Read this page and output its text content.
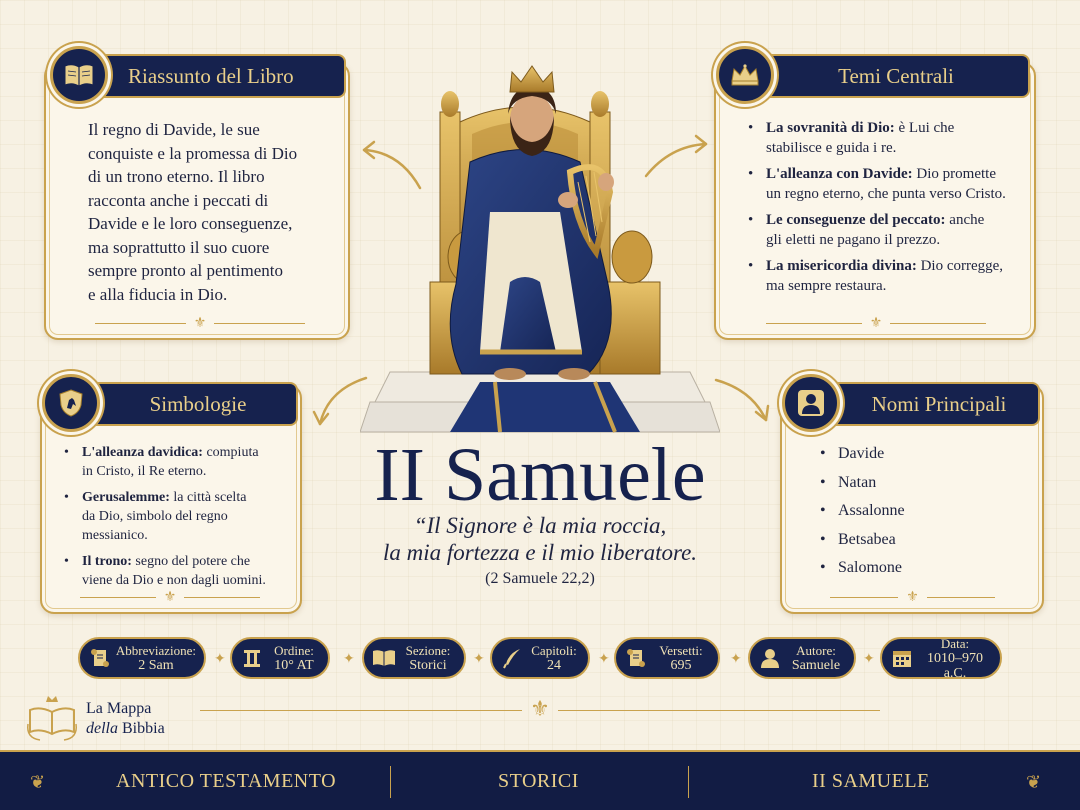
Riassunto del Libro
Il regno di Davide, le sue
conquiste e la promessa di Dio
di un trono eterno. Il libro
racconta anche i peccati di
Davide e le loro conseguenze,
ma soprattutto il suo cuore
sempre pronto al pentimento
e alla fiducia in Dio.
⚜
Temi Centrali
• La sovranità di Dio: è Lui che
stabilisce e guida i re.
• L'alleanza con Davide: Dio promette
un regno eterno, che punta verso Cristo.
• Le conseguenze del peccato: anche
gli eletti ne pagano il prezzo.
• La misericordia divina: Dio corregge,
ma sempre restaura.
⚜
Simbologie
• L'alleanza davidica: compiuta
in Cristo, il Re eterno.
• Gerusalemme: la città scelta
da Dio, simbolo del regno
messianico.
• Il trono: segno del potere che
viene da Dio e non dagli uomini.
⚜
Nomi Principali
• Davide
• Natan
• Assalonne
• Betsabea
• Salomone
⚜
II Samuele
“Il Signore è la mia roccia,
la mia fortezza e il mio liberatore.
(2 Samuele 22,2)
Abbreviazione:
2 Sam	✦
Ordine:
10° AT	✦
Sezione:
Storici	✦
Capitoli:
24	✦
Versetti:
695	✦
Autore:
Samuele	✦
Data:
1010–970 a.C.
La Mappa
della Bibbia
⚜
❦	ANTICO TESTAMENTO	STORICI	II SAMUELE	❦
